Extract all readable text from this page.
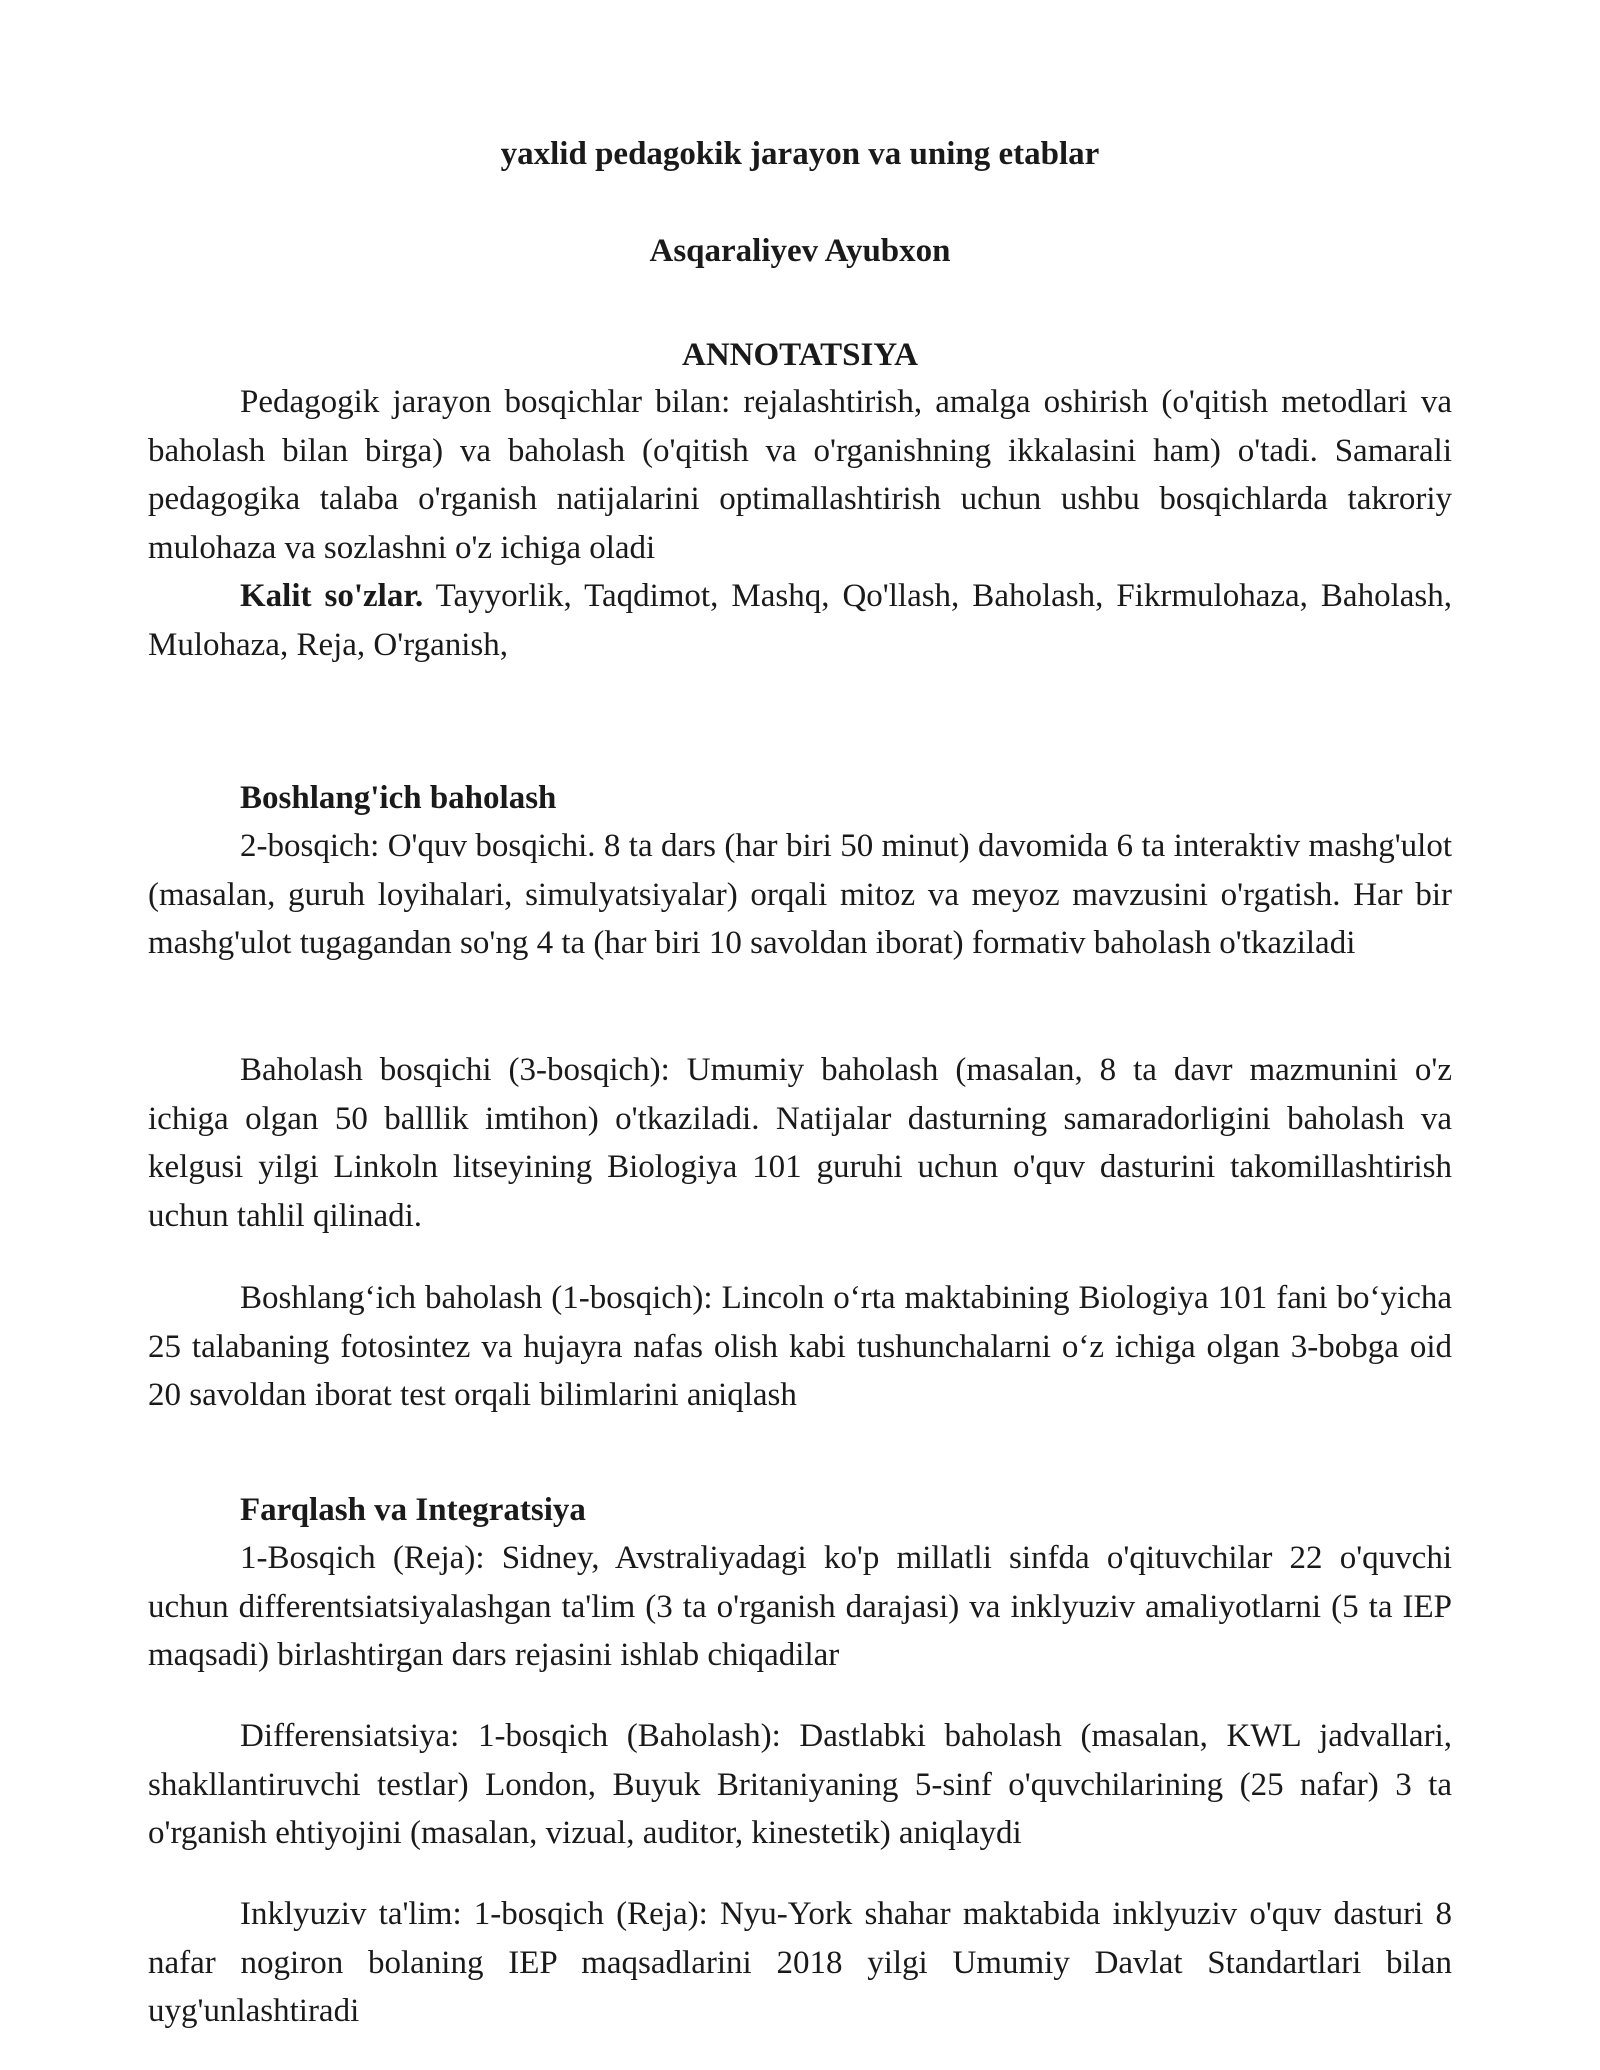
yaxlid pedagokik jarayon va uning etablar

Asqaraliyev Ayubxon

ANNOTATSIYA

Pedagogik jarayon bosqichlar bilan: rejalashtirish, amalga oshirish (o'qitish metodlari va baholash bilan birga) va baholash (o'qitish va o'rganishning ikkalasini ham) o'tadi. Samarali pedagogika talaba o'rganish natijalarini optimallashtirish uchun ushbu bosqichlarda takroriy mulohaza va sozlashni o'z ichiga oladi

Kalit so'zlar. Tayyorlik, Taqdimot, Mashq, Qo'llash, Baholash, Fikrmulohaza, Baholash, Mulohaza, Reja, O'rganish,

Boshlang'ich baholash

2-bosqich: O'quv bosqichi. 8 ta dars (har biri 50 minut) davomida 6 ta interaktiv mashg'ulot (masalan, guruh loyihalari, simulyatsiyalar) orqali mitoz va meyoz mavzusini o'rgatish. Har bir mashg'ulot tugagandan so'ng 4 ta (har biri 10 savoldan iborat) formativ baholash o'tkaziladi

Baholash bosqichi (3-bosqich): Umumiy baholash (masalan, 8 ta davr mazmunini o'z ichiga olgan 50 balllik imtihon) o'tkaziladi. Natijalar dasturning samaradorligini baholash va kelgusi yilgi Linkoln litseyining Biologiya 101 guruhi uchun o'quv dasturini takomillashtirish uchun tahlil qilinadi.

Boshlang‘ich baholash (1-bosqich): Lincoln o‘rta maktabining Biologiya 101 fani bo‘yicha 25 talabaning fotosintez va hujayra nafas olish kabi tushunchalarni o‘z ichiga olgan 3-bobga oid 20 savoldan iborat test orqali bilimlarini aniqlash

Farqlash va Integratsiya

1-Bosqich (Reja): Sidney, Avstraliyadagi ko'p millatli sinfda o'qituvchilar 22 o'quvchi uchun differentsiatsiyalashgan ta'lim (3 ta o'rganish darajasi) va inklyuziv amaliyotlarni (5 ta IEP maqsadi) birlashtirgan dars rejasini ishlab chiqadilar

Differensiatsiya: 1-bosqich (Baholash): Dastlabki baholash (masalan, KWL jadvallari, shakllantiruvchi testlar) London, Buyuk Britaniyaning 5-sinf o'quvchilarining (25 nafar) 3 ta o'rganish ehtiyojini (masalan, vizual, auditor, kinestetik) aniqlaydi

Inklyuziv ta'lim: 1-bosqich (Reja): Nyu-York shahar maktabida inklyuziv o'quv dasturi 8 nafar nogiron bolaning IEP maqsadlarini 2018 yilgi Umumiy Davlat Standartlari bilan uyg'unlashtiradi
